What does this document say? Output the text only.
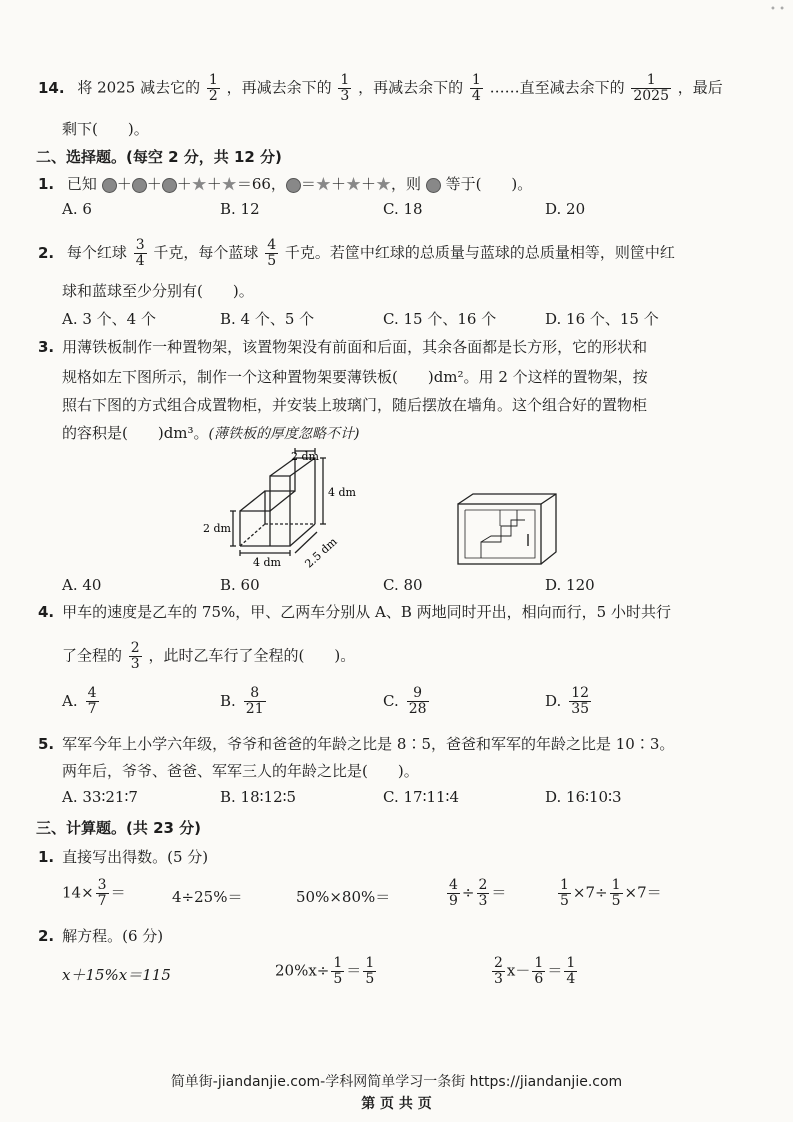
• •
14. 将 2025 减去它的 $\frac{1}{2}$ ，再减去余下的 $\frac{1}{3}$ ，再减去余下的 $\frac{1}{4}$ ……直至减去余下的 $\frac{1}{2025}$ ，最后
剩下(　　)。
二、选择题。(每空 2 分，共 12 分)
1. 已知 ＋ ＋ ＋★＋★＝66， ＝★＋★＋★，则 等于(　　)。
A. 6	B. 12	C. 18	D. 20
2. 每个红球 $\frac{3}{4}$ 千克，每个蓝球 $\frac{4}{5}$ 千克。若筐中红球的总质量与蓝球的总质量相等，则筐中红
球和蓝球至少分别有(　　)。
A. 3 个、4 个	B. 4 个、5 个	C. 15 个、16 个	D. 16 个、15 个
3. 用薄铁板制作一种置物架，该置物架没有前面和后面，其余各面都是长方形，它的形状和
规格如左下图所示，制作一个这种置物架要薄铁板(　　)dm²。用 2 个这样的置物架，按
照右下图的方式组合成置物柜，并安装上玻璃门，随后摆放在墙角。这个组合好的置物柜
的容积是(　　)dm³。(薄铁板的厚度忽略不计)
2 dm
4 dm
2 dm
4 dm 2.5 dm
A. 40	B. 60	C. 80	D. 120
4. 甲车的速度是乙车的 75%，甲、乙两车分别从 A、B 两地同时开出，相向而行，5 小时共行
了全程的 $\frac{2}{3}$ ，此时乙车行了全程的(　　)。
A. $\frac{4}{7}$	B. $\frac{8}{21}$	C. $\frac{9}{28}$	D. $\frac{12}{35}$
5. 军军今年上小学六年级，爷爷和爸爸的年龄之比是 8∶5，爸爸和军军的年龄之比是 10∶3。
两年后，爷爷、爸爸、军军三人的年龄之比是(　　)。
A. 33∶21∶7	B. 18∶12∶5	C. 17∶11∶4	D. 16∶10∶3
三、计算题。(共 23 分)
1. 直接写出得数。(5 分)
$14\times \frac{3}{7}$ ＝	4÷25%＝	50%×80%＝	$\frac{4}{9} \div \frac{2}{3}$ ＝	$\frac{1}{5} \times 7\div \frac{1}{5} \times 7=$
2. 解方程。(6 分)
x＋15%x＝115	$20\%x\div \frac{1}{5} = \frac{1}{5}$	$\frac{2}{3} x- \frac{1}{6} = \frac{1}{4}$
简单街-jiandanjie.com-学科网简单学习一条街 https://jiandanjie.com
第 页 共 页
